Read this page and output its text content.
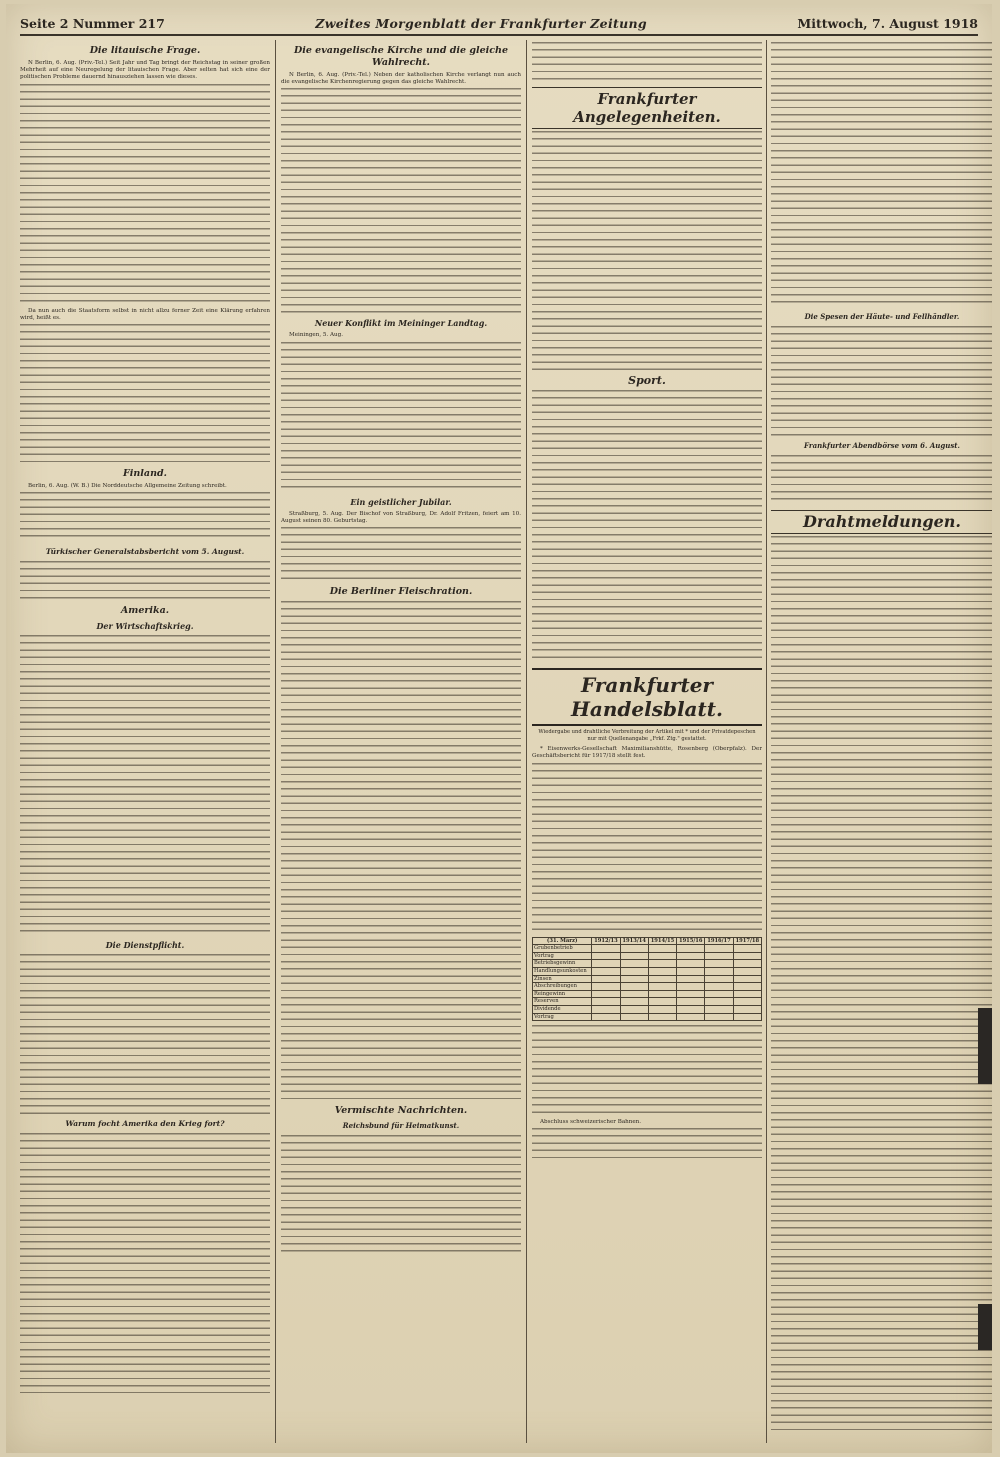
Seite 2 Nummer 217	Zweites Morgenblatt der Frankfurter Zeitung	Mittwoch, 7. August 1918
Die litauische Frage.

N Berlin, 6. Aug. (Priv.-Tel.) Seit Jahr und Tag bringt der Reichstag in seiner großen Mehrheit auf eine Neuregelung der litauischen Frage. Aber selten hat sich eine der politischen Probleme dauernd hinausziehen lassen wie dieses.

Da nun auch die Staatsform selbst in nicht allzu ferner Zeit eine Klärung erfahren wird, heißt es.

Finland.

Berlin, 6. Aug. (W. B.) Die Norddeutsche Allgemeine Zeitung schreibt.

Türkischer Generalstabsbericht vom 5. August.
Amerika.
Der Wirtschaftskrieg.
Die Dienstpflicht.
Warum focht Amerika den Krieg fort?
Die evangelische Kirche und die gleiche Wahlrecht.

N Berlin, 6. Aug. (Priv.-Tel.) Neben der katholischen Kirche verlangt nun auch die evangelische Kirchenregierung gegen das gleiche Wahlrecht.

Neuer Konflikt im Meininger Landtag.

Meiningen, 5. Aug.

Ein geistlicher Jubilar.

Straßburg, 5. Aug. Der Bischof von Straßburg, Dr. Adolf Fritzen, feiert am 10. August seinen 80. Geburtstag.

Die Berliner Fleischration.
Vermischte Nachrichten.
Reichsbund für Heimatkunst.
Frankfurter Angelegenheiten.
Sport.
Frankfurter Handelsblatt.
Wiedergabe und drahtliche Verbreitung der Artikel mit * und der Privatdepeschen nur mit Quellenangabe „Frkf. Ztg." gestattet.

* Eisenwerks-Gesellschaft Maximilianshütte, Rosenberg (Oberpfalz). Der Geschäftsbericht für 1917/18 stellt fest.

(31. März)	1912/13	1913/14	1914/15	1915/16	1916/17	1917/18
Grubenbetrieb						
Vortrag						
Betriebsgewinn						
Handlungsunkosten						
Zinsen						
Abschreibungen						
Reingewinn						
Reserven						
Dividende						
Vortrag						

Abschluss schweizerischer Bahnen.

Die Spesen der Häute- und Fellhändler.
Frankfurter Abendbörse vom 6. August.
Drahtmeldungen.
